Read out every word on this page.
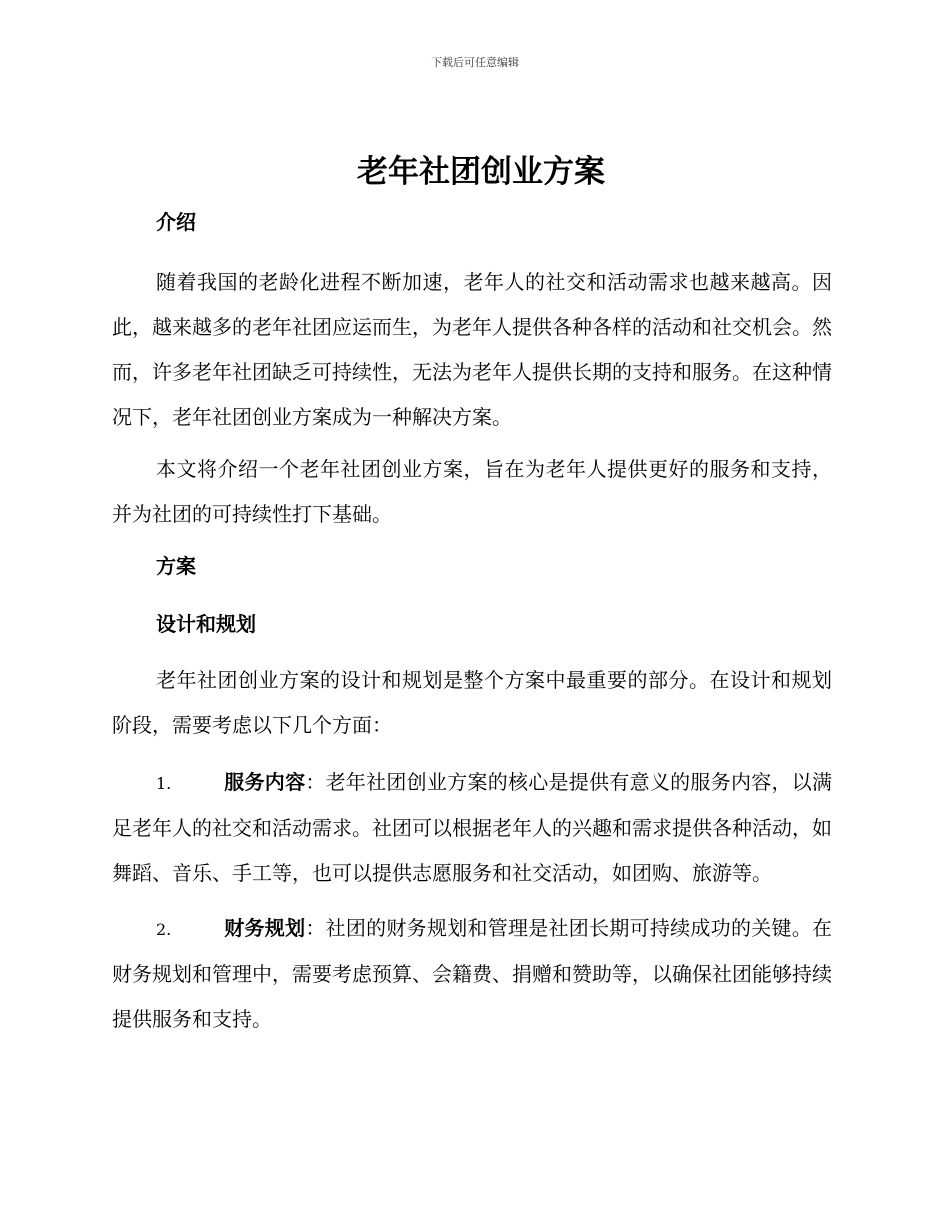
下载后可任意编辑
老年社团创业方案

介绍

随着我国的老龄化进程不断加速，老年人的社交和活动需求也越来越高。因此，越来越多的老年社团应运而生，为老年人提供各种各样的活动和社交机会。然而，许多老年社团缺乏可持续性，无法为老年人提供长期的支持和服务。在这种情况下，老年社团创业方案成为一种解决方案。

本文将介绍一个老年社团创业方案，旨在为老年人提供更好的服务和支持，并为社团的可持续性打下基础。

方案

设计和规划

老年社团创业方案的设计和规划是整个方案中最重要的部分。在设计和规划阶段，需要考虑以下几个方面：

1.	服务内容：老年社团创业方案的核心是提供有意义的服务内容，以满足老年人的社交和活动需求。社团可以根据老年人的兴趣和需求提供各种活动，如舞蹈、音乐、手工等，也可以提供志愿服务和社交活动，如团购、旅游等。

2.	财务规划：社团的财务规划和管理是社团长期可持续成功的关键。在财务规划和管理中，需要考虑预算、会籍费、捐赠和赞助等，以确保社团能够持续提供服务和支持。
